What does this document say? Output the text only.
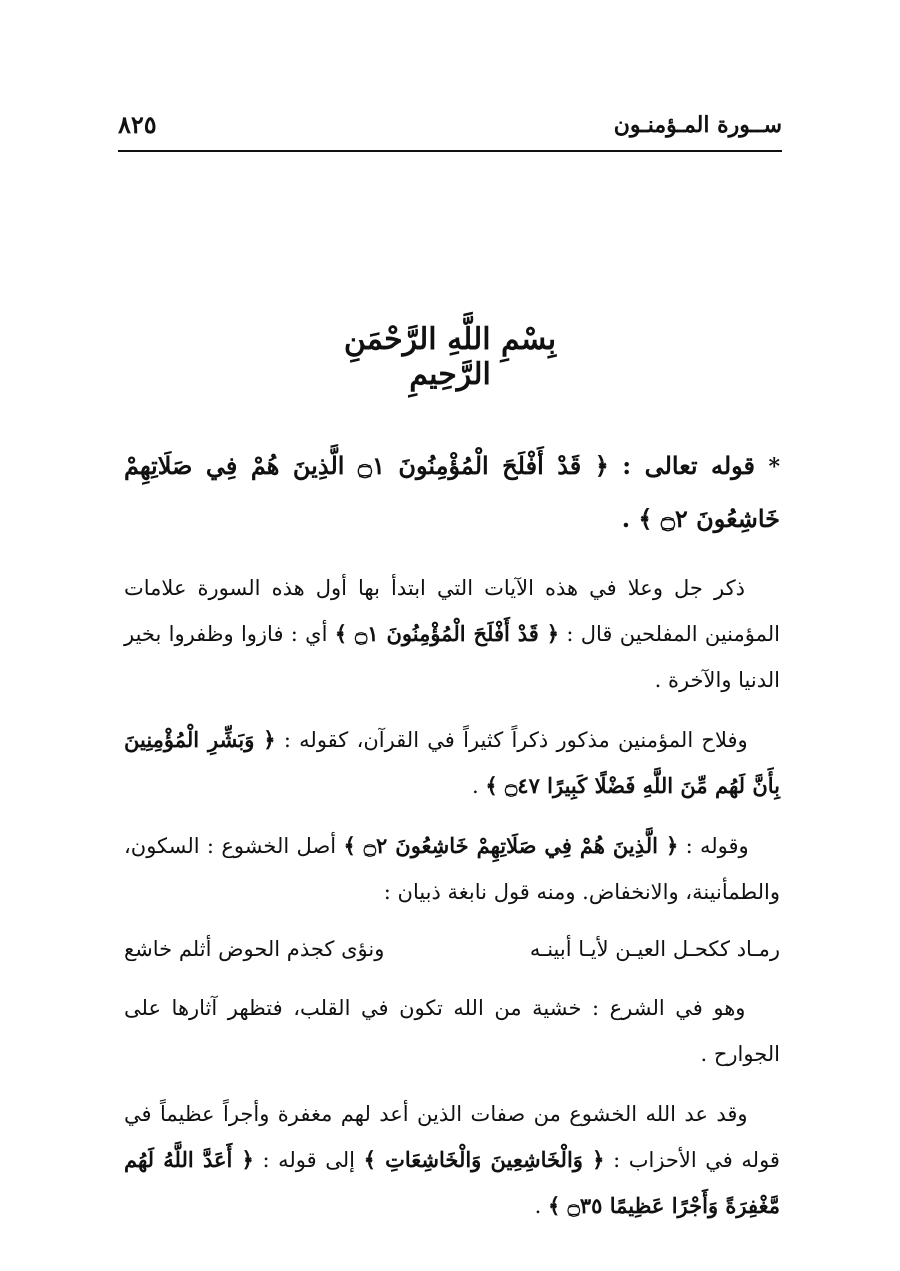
ســورة المـؤمنـون
٨٢٥
بِسْمِ اللَّهِ الرَّحْمَنِ الرَّحِيمِ

* قوله تعالى : ﴿ قَدْ أَفْلَحَ الْمُؤْمِنُونَ ۝١ الَّذِينَ هُمْ فِي صَلَاتِهِمْ خَاشِعُونَ ۝٢ ﴾ .

ذكر جل وعلا في هذه الآيات التي ابتدأ بها أول هذه السورة علامات المؤمنين المفلحين قال : ﴿ قَدْ أَفْلَحَ الْمُؤْمِنُونَ ۝١ ﴾ أي : فازوا وظفروا بخير الدنيا والآخرة .

وفلاح المؤمنين مذكور ذكراً كثيراً في القرآن، كقوله : ﴿ وَبَشِّرِ الْمُؤْمِنِينَ بِأَنَّ لَهُم مِّنَ اللَّهِ فَضْلًا كَبِيرًا ۝٤٧ ﴾ .

وقوله : ﴿ الَّذِينَ هُمْ فِي صَلَاتِهِمْ خَاشِعُونَ ۝٢ ﴾ أصل الخشوع : السكون، والطمأنينة، والانخفاض. ومنه قول نابغة ذبيان :

رمـاد ككحـل العيـن لأيـا أبينـه
ونؤى كجذم الحوض أثلم خاشع

وهو في الشرع : خشية من الله تكون في القلب، فتظهر آثارها على الجوارح .

وقد عد الله الخشوع من صفات الذين أعد لهم مغفرة وأجراً عظيماً في قوله في الأحزاب : ﴿ وَالْخَاشِعِينَ وَالْخَاشِعَاتِ ﴾ إلى قوله : ﴿ أَعَدَّ اللَّهُ لَهُم مَّغْفِرَةً وَأَجْرًا عَظِيمًا ۝٣٥ ﴾ .
